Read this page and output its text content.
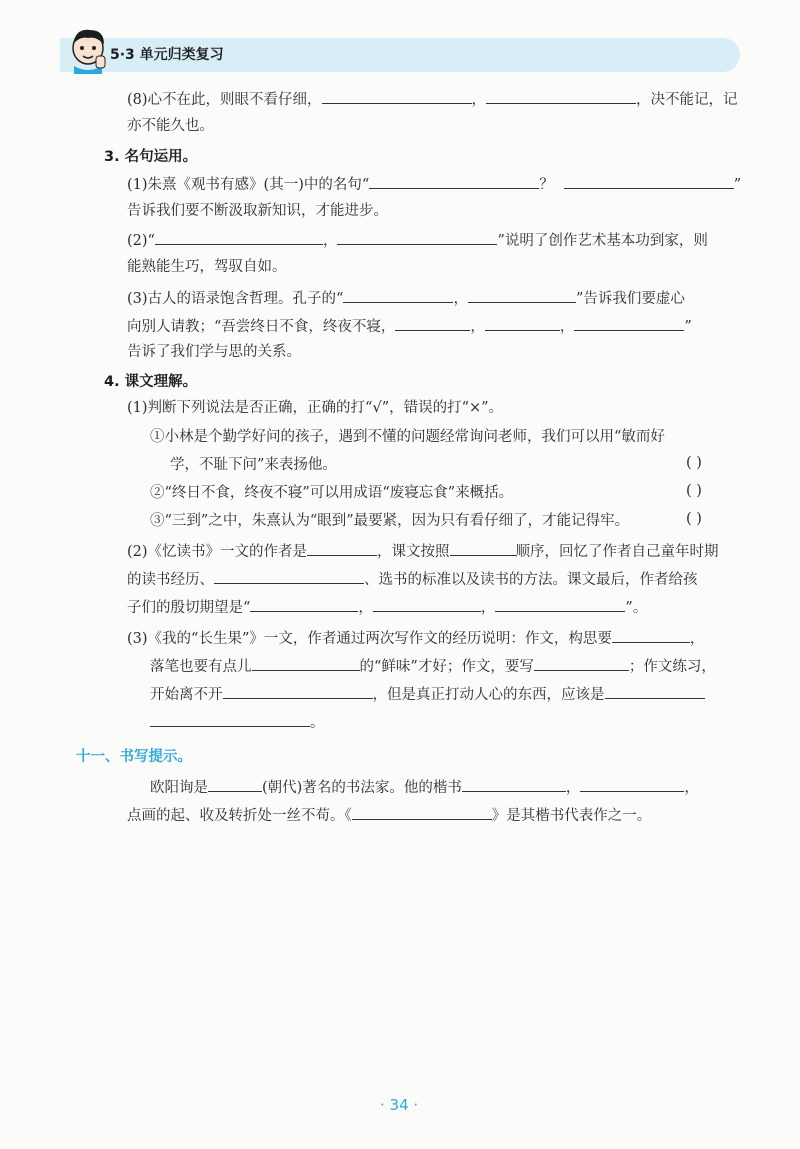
5·3 单元归类复习
(8)心不在此，则眼不看仔细，	，	，决不能记，记
亦不能久也。
3. 名句运用。
(1)朱熹《观书有感》(其一)中的名句“	？	”
告诉我们要不断汲取新知识，才能进步。
(2)“	，	”说明了创作艺术基本功到家，则
能熟能生巧，驾驭自如。
(3)古人的语录饱含哲理。孔子的“	，	”告诉我们要虚心
向别人请教；“吾尝终日不食，终夜不寝，	，	，	”
告诉了我们学与思的关系。
4. 课文理解。
(1)判断下列说法是否正确，正确的打“√”，错误的打“×”。
①小林是个勤学好问的孩子，遇到不懂的问题经常询问老师，我们可以用“敏而好
学，不耻下问”来表扬他。	( )
②“终日不食，终夜不寝”可以用成语“废寝忘食”来概括。	( )
③“三到”之中，朱熹认为“眼到”最要紧，因为只有看仔细了，才能记得牢。	( )
(2)《忆读书》一文的作者是	，课文按照	顺序，回忆了作者自己童年时期
的读书经历、	、选书的标准以及读书的方法。课文最后，作者给孩
子们的殷切期望是“	，	，	”。
(3)《我的“长生果”》一文，作者通过两次写作文的经历说明：作文，构思要	，
落笔也要有点儿	的“鲜味”才好；作文，要写	；作文练习，
开始离不开	，但是真正打动人心的东西，应该是
。
十一、书写提示。
欧阳询是	(朝代)著名的书法家。他的楷书	，	，
点画的起、收及转折处一丝不苟。《	》是其楷书代表作之一。
· 34 ·
